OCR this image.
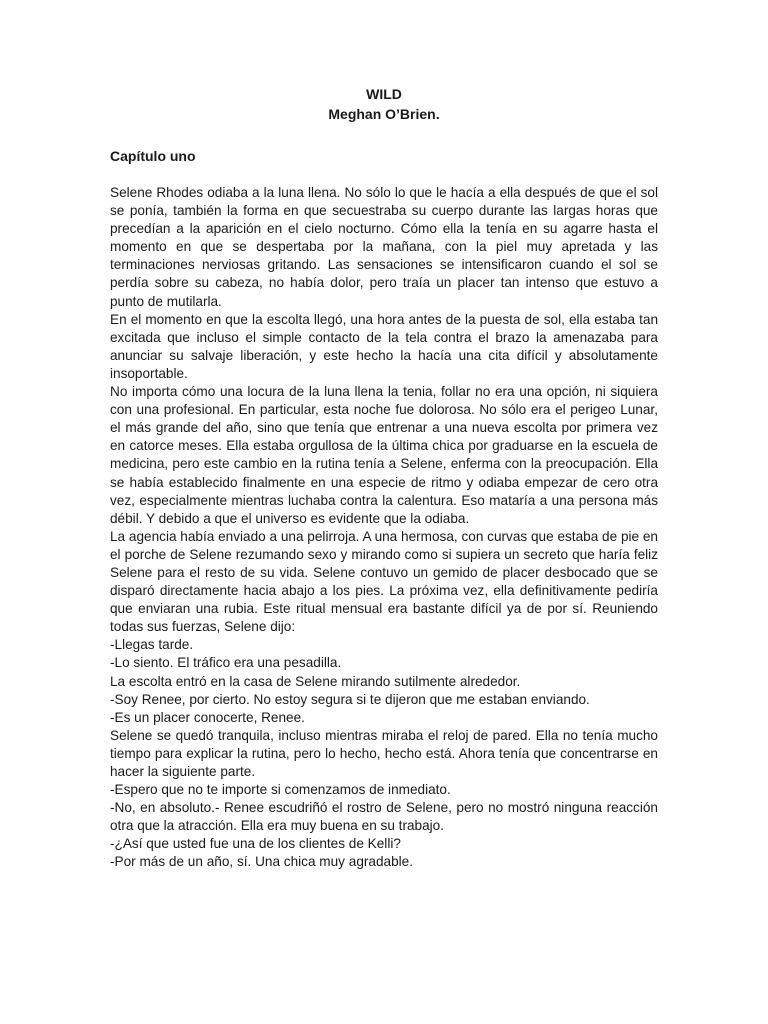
WILD
Meghan O’Brien.
Capítulo uno

Selene Rhodes odiaba a la luna llena. No sólo lo que le hacía a ella después de que el sol se ponía, también la forma en que secuestraba su cuerpo durante las largas horas que precedían a la aparición en el cielo nocturno. Cómo ella la tenía en su agarre hasta el momento en que se despertaba por la mañana, con la piel muy apretada y las terminaciones nerviosas gritando. Las sensaciones se intensificaron cuando el sol se perdía sobre su cabeza, no había dolor, pero traía un placer tan intenso que estuvo a punto de mutilarla.

En el momento en que la escolta llegó, una hora antes de la puesta de sol, ella estaba tan excitada que incluso el simple contacto de la tela contra el brazo la amenazaba para anunciar su salvaje liberación, y este hecho la hacía una cita difícil y absolutamente insoportable.

No importa cómo una locura de la luna llena la tenia, follar no era una opción, ni siquiera con una profesional. En particular, esta noche fue dolorosa. No sólo era el perigeo Lunar, el más grande del año, sino que tenía que entrenar a una nueva escolta por primera vez en catorce meses. Ella estaba orgullosa de la última chica por graduarse en la escuela de medicina, pero este cambio en la rutina tenía a Selene, enferma con la preocupación. Ella se había establecido finalmente en una especie de ritmo y odiaba empezar de cero otra vez, especialmente mientras luchaba contra la calentura. Eso mataría a una persona más débil. Y debido a que el universo es evidente que la odiaba.

La agencia había enviado a una pelirroja. A una hermosa, con curvas que estaba de pie en el porche de Selene rezumando sexo y mirando como si supiera un secreto que haría feliz Selene para el resto de su vida. Selene contuvo un gemido de placer desbocado que se disparó directamente hacia abajo a los pies. La próxima vez, ella definitivamente pediría que enviaran una rubia. Este ritual mensual era bastante difícil ya de por sí. Reuniendo todas sus fuerzas, Selene dijo:

-Llegas tarde.

-Lo siento. El tráfico era una pesadilla.

La escolta entró en la casa de Selene mirando sutilmente alrededor.

-Soy Renee, por cierto. No estoy segura si te dijeron que me estaban enviando.

-Es un placer conocerte, Renee.

Selene se quedó tranquila, incluso mientras miraba el reloj de pared. Ella no tenía mucho tiempo para explicar la rutina, pero lo hecho, hecho está. Ahora tenía que concentrarse en hacer la siguiente parte.

-Espero que no te importe si comenzamos de inmediato.

-No, en absoluto.- Renee escudriñó el rostro de Selene, pero no mostró ninguna reacción otra que la atracción. Ella era muy buena en su trabajo.

-¿Así que usted fue una de los clientes de Kelli?

-Por más de un año, sí. Una chica muy agradable.
